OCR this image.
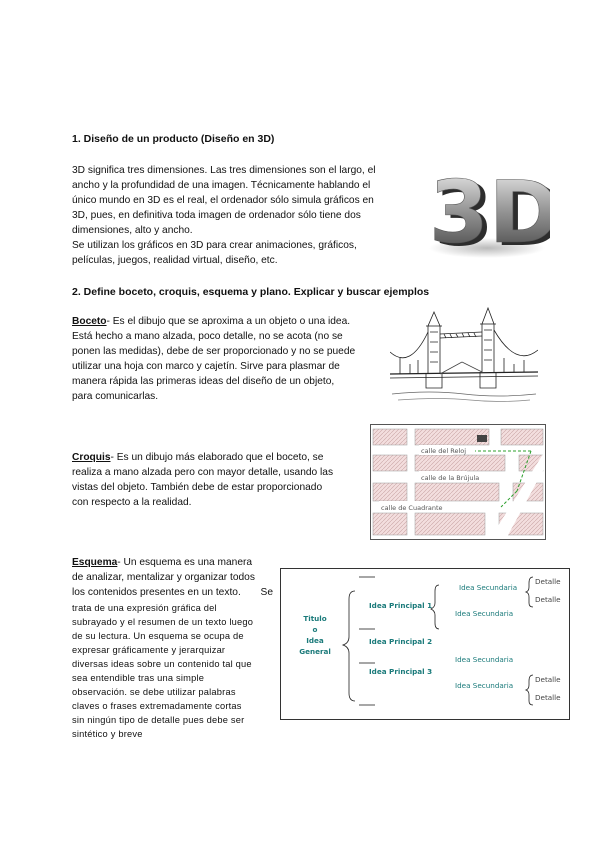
1. Diseño de un producto (Diseño en 3D)
3D significa tres dimensiones. Las tres dimensiones son el largo, el
ancho y la profundidad de una imagen. Técnicamente hablando el
único mundo en 3D es el real, el ordenador sólo simula gráficos en
3D, pues, en definitiva toda imagen de ordenador sólo tiene dos
dimensiones, alto y ancho.
Se utilizan los gráficos en 3D para crear animaciones, gráficos,
películas, juegos, realidad virtual, diseño, etc.	3D
3D
2. Define boceto, croquis, esquema y plano. Explicar y buscar ejemplos
Boceto- Es el dibujo que se aproxima a un objeto o una idea.
Está hecho a mano alzada, poco detalle, no se acota (no se
ponen las medidas), debe de ser proporcionado y no se puede
utilizar una hoja con marco y cajetín. Sirve para plasmar de
manera rápida las primeras ideas del diseño de un objeto,
para comunicarlas.
Croquis- Es un dibujo más elaborado que el boceto, se
realiza a mano alzada pero con mayor detalle, usando las
vistas del objeto. También debe de estar proporcionado
con respecto a la realidad.
calle del Reloj
calle de la Brújula
calle de Cuadrante
Esquema- Un esquema es una manera
de analizar, mentalizar y organizar todos
los contenidos presentes en un texto. Se
trata de una expresión gráfica del
subrayado y el resumen de un texto luego
de su lectura. Un esquema se ocupa de
expresar gráficamente y jerarquizar
diversas ideas sobre un contenido tal que
sea entendible tras una simple
observación. se debe utilizar palabras
claves o frases extremadamente cortas
sin ningún tipo de detalle pues debe ser
sintético y breve
Titulo
o
Idea General
Idea Principal 1
Idea Principal 2
Idea Principal 3
Idea Secundaria
Idea Secundaria
Idea Secundaria
Idea Secundaria
Detalle
Detalle
Detalle
Detalle
